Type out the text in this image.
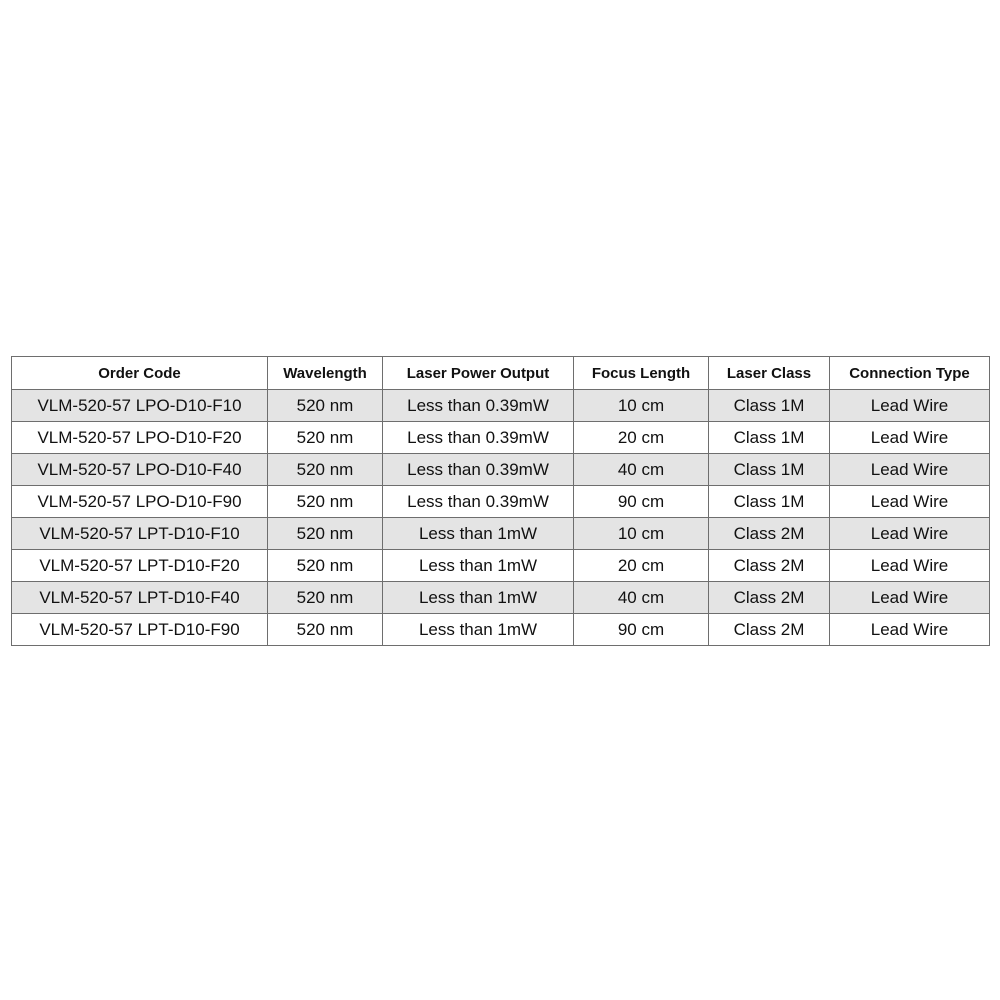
Order Code	Wavelength	Laser Power Output	Focus Length	Laser Class	Connection Type
VLM-520-57 LPO-D10-F10	520 nm	Less than 0.39mW	10 cm	Class 1M	Lead Wire
VLM-520-57 LPO-D10-F20	520 nm	Less than 0.39mW	20 cm	Class 1M	Lead Wire
VLM-520-57 LPO-D10-F40	520 nm	Less than 0.39mW	40 cm	Class 1M	Lead Wire
VLM-520-57 LPO-D10-F90	520 nm	Less than 0.39mW	90 cm	Class 1M	Lead Wire
VLM-520-57 LPT-D10-F10	520 nm	Less than 1mW	10 cm	Class 2M	Lead Wire
VLM-520-57 LPT-D10-F20	520 nm	Less than 1mW	20 cm	Class 2M	Lead Wire
VLM-520-57 LPT-D10-F40	520 nm	Less than 1mW	40 cm	Class 2M	Lead Wire
VLM-520-57 LPT-D10-F90	520 nm	Less than 1mW	90 cm	Class 2M	Lead Wire
